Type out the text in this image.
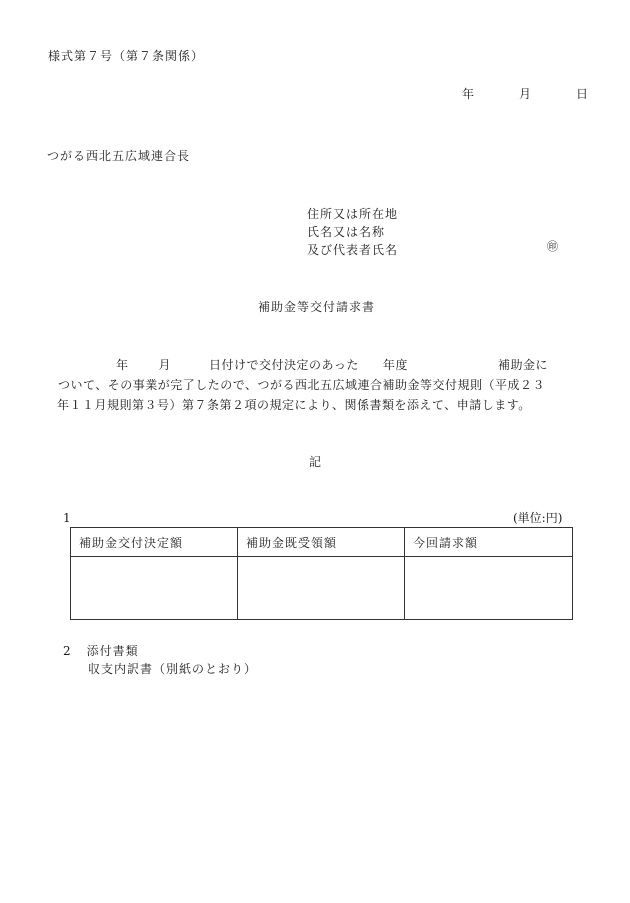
様式第７号（第７条関係）
年	月	日
つがる西北五広域連合長
住所又は所在地
氏名又は名称
及び代表者氏名	㊞
補助金等交付請求書
年	月	日付けで交付決定のあった 年度	補助金に
ついて、その事業が完了したので、つがる西北五広域連合補助金等交付規則（平成２３
年１１月規則第３号）第７条第２項の規定により、関係書類を添えて、申請します。
記
1	(単位:円)
補助金交付決定額	補助金既受領額	今回請求額

2 添付書類
収支内訳書（別紙のとおり）
